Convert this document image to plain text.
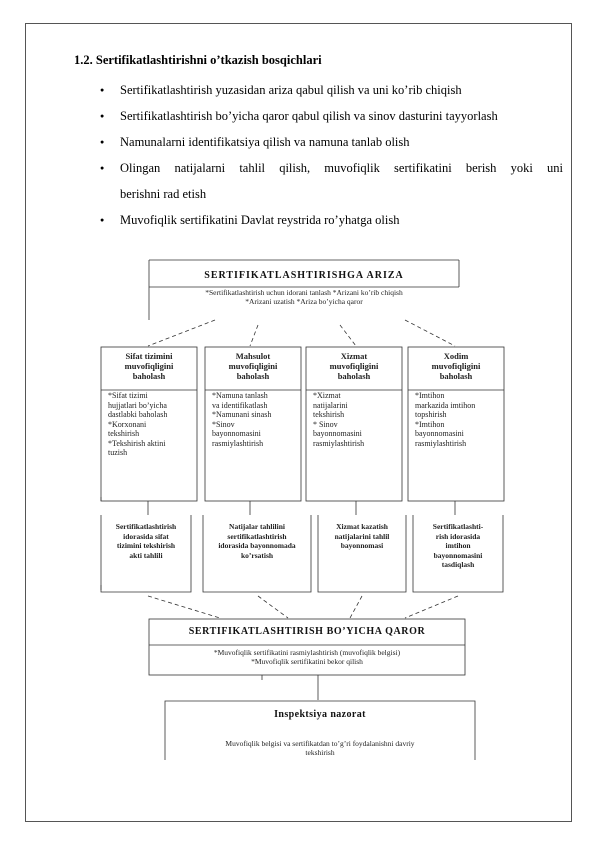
1.2. Sertifikatlashtirishni o’tkazish bosqichlari
● Sertifikatlashtirish yuzasidan ariza qabul qilish va uni ko’rib chiqish
● Sertifikatlashtirish bo’yicha qaror qabul qilish va sinov dasturini tayyorlash
● Namunalarni identifikatsiya qilish va namuna tanlab olish
● Olingan natijalarni tahlil qilish, muvofiqlik sertifikatini berish yoki uni
berishni rad etish
● Muvofiqlik sertifikatini Davlat reystrida ro’yhatga olish
SERTIFIKATLASHTIRISHGA ARIZA
*Sertifikatlashtirish uchun idorani tanlash *Arizani ko’rib chiqish
*Arizani uzatish *Ariza bo’yicha qaror
Sifat tizimini
muvofiqligini
baholash
*Sifat tizimi
hujjatlari bo’yicha
dastlabki baholash
*Korxonani
tekshirish
*Tekshirish aktini
tuzish
Mahsulot
muvofiqligini
baholash
*Namuna tanlash
va identifikatlash
*Namunani sinash
*Sinov
bayonnomasini
rasmiylashtirish
Xizmat
muvofiqligini
baholash
*Xizmat
natijalarini
tekshirish
* Sinov
bayonnomasini
rasmiylashtirish
Xodim
muvofiqligini
baholash
*Imtihon
markazida imtihon
topshirish
*Imtihon
bayonnomasini
rasmiylashtirish
Sertifikatlashtirish
idorasida sifat
tizimini tekshirish
akti tahlili
Natijalar tahlilini
sertifikatlashtirish
idorasida bayonnomada
ko’rsatish
Xizmat kazatish
natijalarini tahlil
bayonnomasi
Sertifikatlashti-
rish idorasida
imtihon
bayonnomasini
tasdiqlash
SERTIFIKATLASHTIRISH BO’YICHA QAROR
*Muvofiqlik sertifikatini rasmiylashtirish (muvofiqlik belgisi)
*Muvofiqlik sertifikatini bekor qilish
Inspektsiya nazorat
Muvofiqlik belgisi va sertifikatdan to’g’ri foydalanishni davriy
tekshirish
